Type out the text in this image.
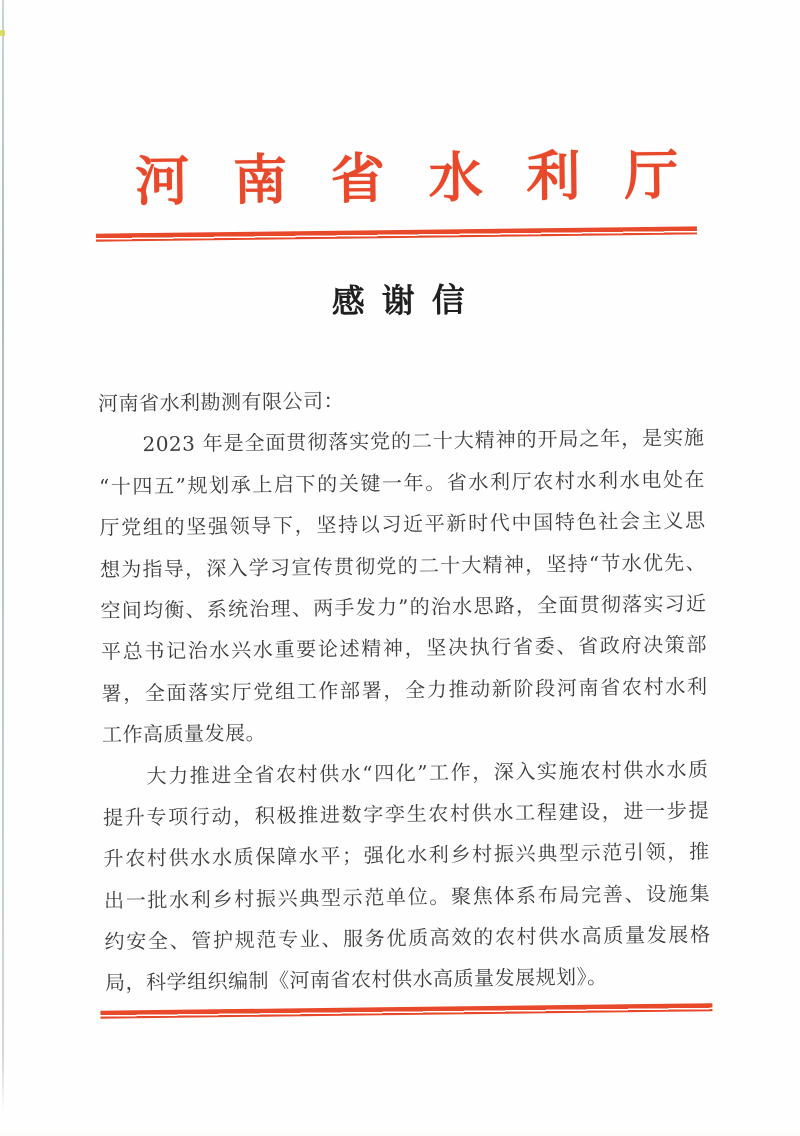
河 南 省 水 利 厅
感 谢 信
河南省水利勘测有限公司：
2023 年是全面贯彻落实党的二十大精神的开局之年，是实施
“十四五”规划承上启下的关键一年。省水利厅农村水利水电处在
厅党组的坚强领导下，坚持以习近平新时代中国特色社会主义思
想为指导，深入学习宣传贯彻党的二十大精神，坚持“节水优先、
空间均衡、系统治理、两手发力”的治水思路，全面贯彻落实习近
平总书记治水兴水重要论述精神，坚决执行省委、省政府决策部
署，全面落实厅党组工作部署，全力推动新阶段河南省农村水利
工作高质量发展。
大力推进全省农村供水“四化”工作，深入实施农村供水水质
提升专项行动，积极推进数字孪生农村供水工程建设，进一步提
升农村供水水质保障水平；强化水利乡村振兴典型示范引领，推
出一批水利乡村振兴典型示范单位。聚焦体系布局完善、设施集
约安全、管护规范专业、服务优质高效的农村供水高质量发展格
局，科学组织编制《河南省农村供水高质量发展规划》。
